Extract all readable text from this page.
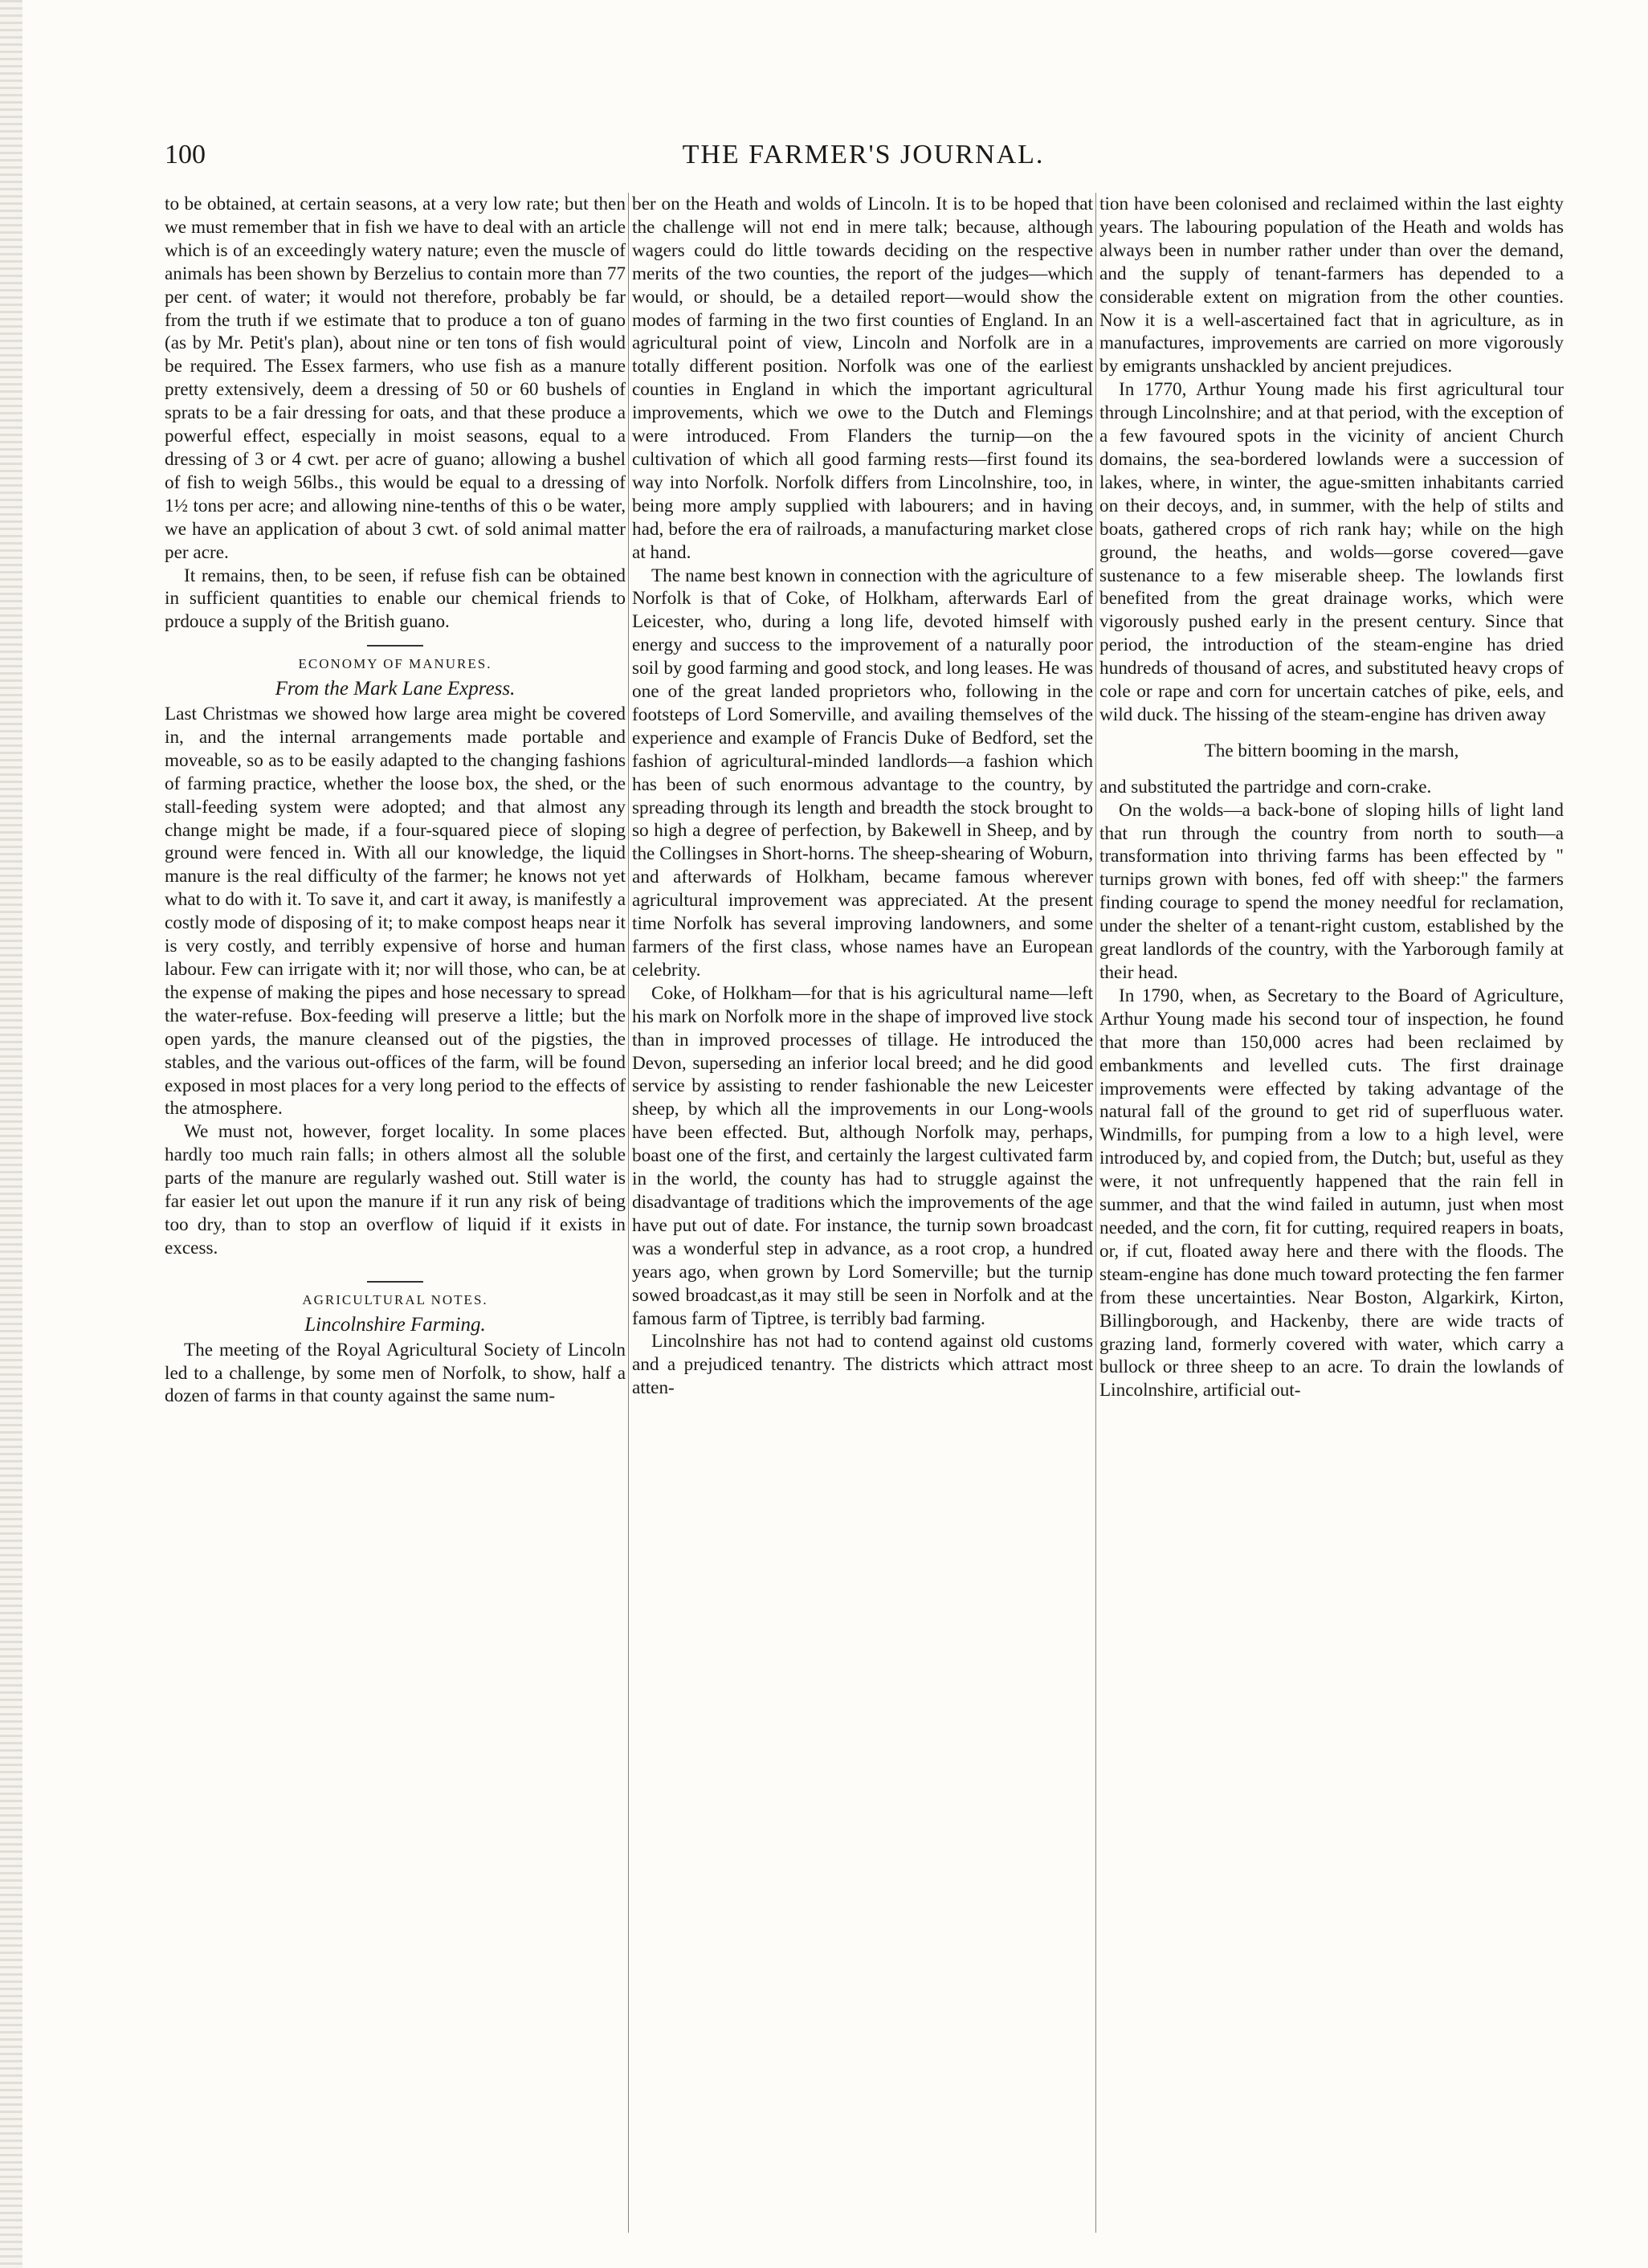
THE FARMER'S JOURNAL.
100

to be obtained, at certain seasons, at a very low rate; but then we must remember that in fish we have to deal with an article which is of an exceedingly watery nature; even the muscle of animals has been shown by Berzelius to contain more than 77 per cent. of water; it would not therefore, probably be far from the truth if we estimate that to produce a ton of guano (as by Mr. Petit's plan), about nine or ten tons of fish would be required. The Essex farmers, who use fish as a manure pretty extensively, deem a dressing of 50 or 60 bushels of sprats to be a fair dressing for oats, and that these produce a powerful effect, especially in moist seasons, equal to a dressing of 3 or 4 cwt. per acre of guano; allowing a bushel of fish to weigh 56lbs., this would be equal to a dressing of 1½ tons per acre; and allowing nine-tenths of this o be water, we have an application of about 3 cwt. of sold animal matter per acre.

It remains, then, to be seen, if refuse fish can be obtained in sufficient quantities to enable our chemical friends to prdouce a supply of the British guano.

ECONOMY OF MANURES.
From the Mark Lane Express.

Last Christmas we showed how large area might be covered in, and the internal arrangements made portable and moveable, so as to be easily adapted to the changing fashions of farming practice, whether the loose box, the shed, or the stall-feeding system were adopted; and that almost any change might be made, if a four-squared piece of sloping ground were fenced in. With all our knowledge, the liquid manure is the real difficulty of the farmer; he knows not yet what to do with it. To save it, and cart it away, is manifestly a costly mode of disposing of it; to make compost heaps near it is very costly, and terribly expensive of horse and human labour. Few can irrigate with it; nor will those, who can, be at the expense of making the pipes and hose necessary to spread the water-refuse. Box-feeding will preserve a little; but the open yards, the manure cleansed out of the pigsties, the stables, and the various out-offices of the farm, will be found exposed in most places for a very long period to the effects of the atmosphere.

We must not, however, forget locality. In some places hardly too much rain falls; in others almost all the soluble parts of the manure are regularly washed out. Still water is far easier let out upon the manure if it run any risk of being too dry, than to stop an overflow of liquid if it exists in excess.

AGRICULTURAL NOTES.
Lincolnshire Farming.

The meeting of the Royal Agricultural Society of Lincoln led to a challenge, by some men of Norfolk, to show, half a dozen of farms in that county against the same num-

ber on the Heath and wolds of Lincoln. It is to be hoped that the challenge will not end in mere talk; because, although wagers could do little towards deciding on the respective merits of the two counties, the report of the judges—which would, or should, be a detailed report—would show the modes of farming in the two first counties of England. In an agricultural point of view, Lincoln and Norfolk are in a totally different position. Norfolk was one of the earliest counties in England in which the important agricultural improvements, which we owe to the Dutch and Flemings were introduced. From Flanders the turnip—on the cultivation of which all good farming rests—first found its way into Norfolk. Norfolk differs from Lincolnshire, too, in being more amply supplied with labourers; and in having had, before the era of railroads, a manufacturing market close at hand.

The name best known in connection with the agriculture of Norfolk is that of Coke, of Holkham, afterwards Earl of Leicester, who, during a long life, devoted himself with energy and success to the improvement of a naturally poor soil by good farming and good stock, and long leases. He was one of the great landed proprietors who, following in the footsteps of Lord Somerville, and availing themselves of the experience and example of Francis Duke of Bedford, set the fashion of agricultural-minded landlords—a fashion which has been of such enormous advantage to the country, by spreading through its length and breadth the stock brought to so high a degree of perfection, by Bakewell in Sheep, and by the Collingses in Short-horns. The sheep-shearing of Woburn, and afterwards of Holkham, became famous wherever agricultural improvement was appreciated. At the present time Norfolk has several improving landowners, and some farmers of the first class, whose names have an European celebrity.

Coke, of Holkham—for that is his agricultural name—left his mark on Norfolk more in the shape of improved live stock than in improved processes of tillage. He introduced the Devon, superseding an inferior local breed; and he did good service by assisting to render fashionable the new Leicester sheep, by which all the improvements in our Long-wools have been effected. But, although Norfolk may, perhaps, boast one of the first, and certainly the largest cultivated farm in the world, the county has had to struggle against the disadvantage of traditions which the improvements of the age have put out of date. For instance, the turnip sown broadcast was a wonderful step in advance, as a root crop, a hundred years ago, when grown by Lord Somerville; but the turnip sowed broadcast,as it may still be seen in Norfolk and at the famous farm of Tiptree, is terribly bad farming.

Lincolnshire has not had to contend against old customs and a prejudiced tenantry. The districts which attract most atten-

tion have been colonised and reclaimed within the last eighty years. The labouring population of the Heath and wolds has always been in number rather under than over the demand, and the supply of tenant-farmers has depended to a considerable extent on migration from the other counties. Now it is a well-ascertained fact that in agriculture, as in manufactures, improvements are carried on more vigorously by emigrants unshackled by ancient prejudices.

In 1770, Arthur Young made his first agricultural tour through Lincolnshire; and at that period, with the exception of a few favoured spots in the vicinity of ancient Church domains, the sea-bordered lowlands were a succession of lakes, where, in winter, the ague-smitten inhabitants carried on their decoys, and, in summer, with the help of stilts and boats, gathered crops of rich rank hay; while on the high ground, the heaths, and wolds—gorse covered—gave sustenance to a few miserable sheep. The lowlands first benefited from the great drainage works, which were vigorously pushed early in the present century. Since that period, the introduction of the steam-engine has dried hundreds of thousand of acres, and substituted heavy crops of cole or rape and corn for uncertain catches of pike, eels, and wild duck. The hissing of the steam-engine has driven away

The bittern booming in the marsh,

and substituted the partridge and corn-crake.

On the wolds—a back-bone of sloping hills of light land that run through the country from north to south—a transformation into thriving farms has been effected by " turnips grown with bones, fed off with sheep:" the farmers finding courage to spend the money needful for reclamation, under the shelter of a tenant-right custom, established by the great landlords of the country, with the Yarborough family at their head.

In 1790, when, as Secretary to the Board of Agriculture, Arthur Young made his second tour of inspection, he found that more than 150,000 acres had been reclaimed by embankments and levelled cuts. The first drainage improvements were effected by taking advantage of the natural fall of the ground to get rid of superfluous water. Windmills, for pumping from a low to a high level, were introduced by, and copied from, the Dutch; but, useful as they were, it not unfrequently happened that the rain fell in summer, and that the wind failed in autumn, just when most needed, and the corn, fit for cutting, required reapers in boats, or, if cut, floated away here and there with the floods. The steam-engine has done much toward protecting the fen farmer from these uncertainties. Near Boston, Algarkirk, Kirton, Billingborough, and Hackenby, there are wide tracts of grazing land, formerly covered with water, which carry a bullock or three sheep to an acre. To drain the lowlands of Lincolnshire, artificial out-
